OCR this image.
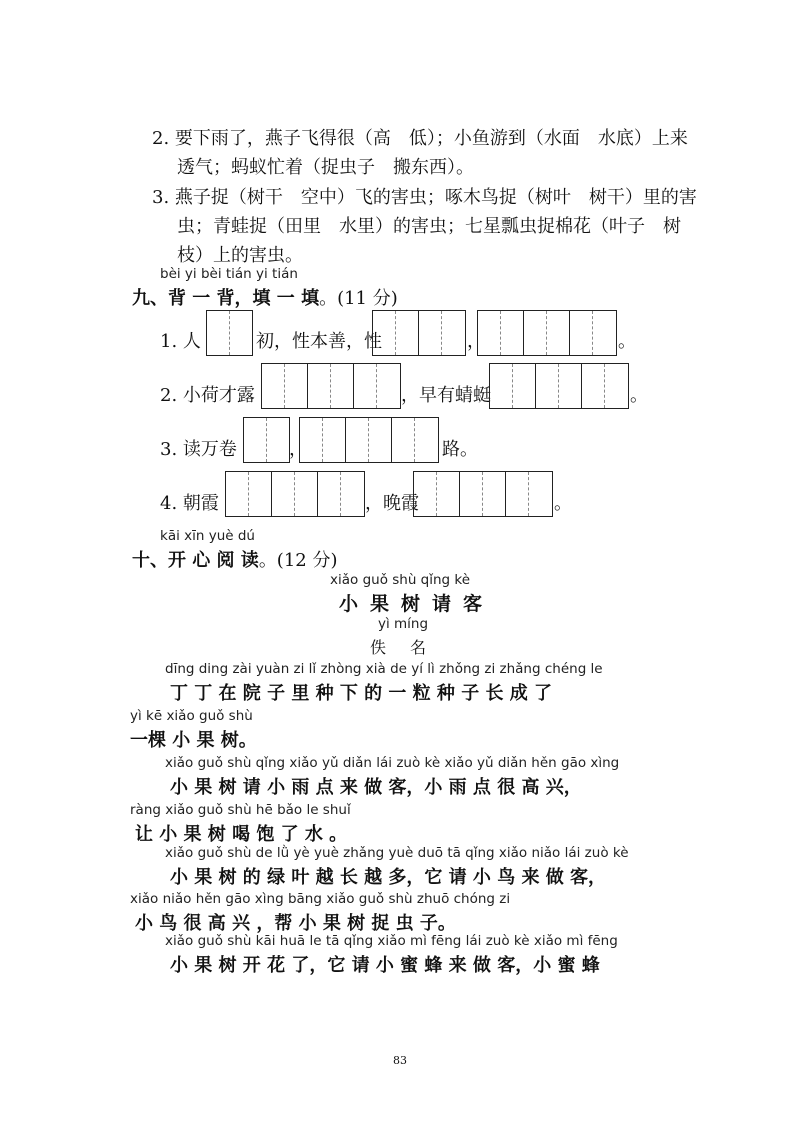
2. 要下雨了，燕子飞得很（高　低）；小鱼游到（水面　水底）上来
透气；蚂蚁忙着（捉虫子　搬东西）。
3. 燕子捉（树干　空中）飞的害虫；啄木鸟捉（树叶　树干）里的害
虫；青蛙捉（田里　水里）的害虫；七星瓢虫捉棉花（叶子　树
枝）上的害虫。
bèi yi bèi tián yi tián
九、背 一 背，填 一 填。(11 分)
1. 人	初，性本善，性	，	。
2. 小荷才露	，早有蜻蜓	。
3. 读万卷	，	路。
4. 朝霞	，晚霞	。
kāi xīn yuè dú
十、开 心 阅 读。(12 分)
xiǎo guǒ shù qǐng kè
小果树请客
yì míng
佚名
dīng ding zài yuàn zi lǐ zhòng xià de yí lì zhǒng zi zhǎng chéng le
丁 丁 在 院 子 里 种 下 的 一 粒 种 子 长 成 了
yì kē xiǎo guǒ shù
一棵 小 果 树。
xiǎo guǒ shù qǐng xiǎo yǔ diǎn lái zuò kè xiǎo yǔ diǎn hěn gāo xìng
小 果 树 请 小 雨 点 来 做 客，小 雨 点 很 高 兴，
ràng xiǎo guǒ shù hē bǎo le shuǐ
让 小 果 树 喝 饱 了 水 。
xiǎo guǒ shù de lǜ yè yuè zhǎng yuè duō tā qǐng xiǎo niǎo lái zuò kè
小 果 树 的 绿 叶 越 长 越 多，它 请 小 鸟 来 做 客，
xiǎo niǎo hěn gāo xìng bāng xiǎo guǒ shù zhuō chóng zi
小 鸟 很 高 兴 ，帮 小 果 树 捉 虫 子。
xiǎo guǒ shù kāi huā le tā qǐng xiǎo mì fēng lái zuò kè xiǎo mì fēng
小 果 树 开 花 了，它 请 小 蜜 蜂 来 做 客，小 蜜 蜂
83
